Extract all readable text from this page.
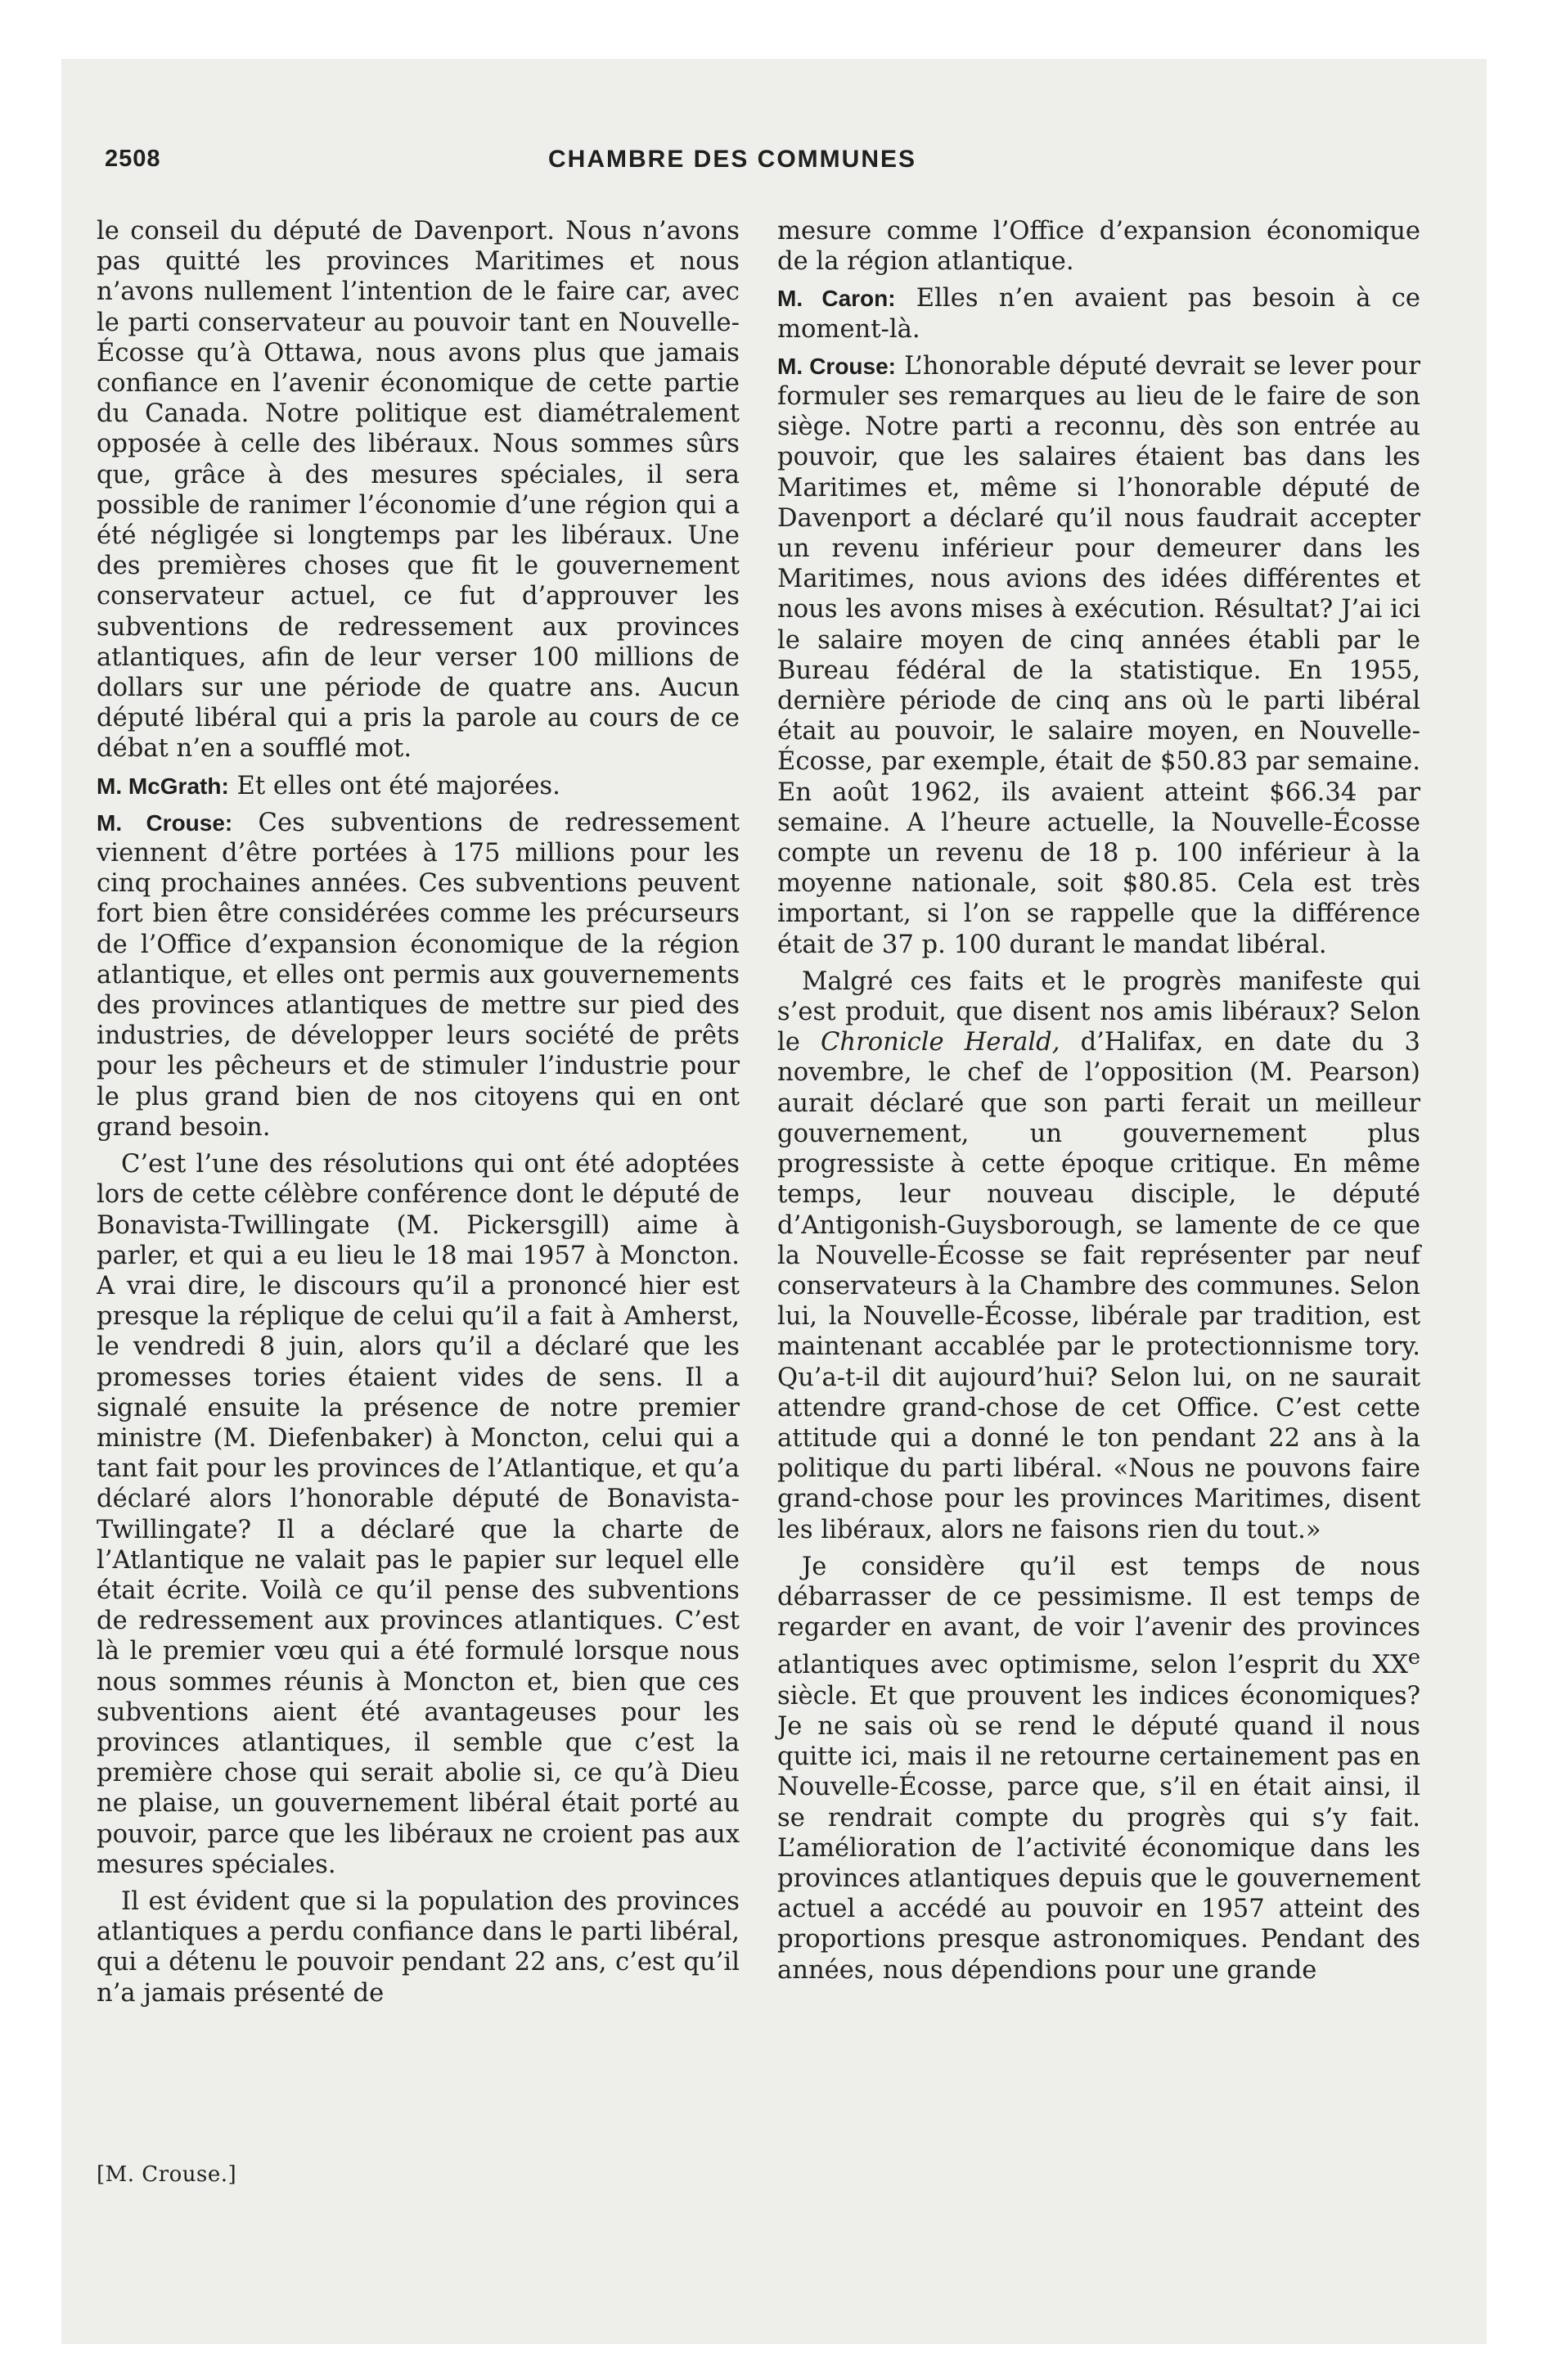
2508	CHAMBRE DES COMMUNES

le conseil du député de Davenport. Nous n’avons pas quitté les provinces Maritimes et nous n’avons nullement l’intention de le faire car, avec le parti conservateur au pouvoir tant en Nouvelle-Écosse qu’à Ottawa, nous avons plus que jamais confiance en l’avenir économique de cette partie du Canada. Notre politique est diamétralement opposée à celle des libéraux. Nous sommes sûrs que, grâce à des mesures spéciales, il sera possible de ranimer l’économie d’une région qui a été négligée si longtemps par les libéraux. Une des premières choses que fit le gouvernement conservateur actuel, ce fut d’approuver les subventions de redressement aux provinces atlantiques, afin de leur verser 100 millions de dollars sur une période de quatre ans. Aucun député libéral qui a pris la parole au cours de ce débat n’en a soufflé mot.

M. McGrath: Et elles ont été majorées.

M. Crouse: Ces subventions de redressement viennent d’être portées à 175 millions pour les cinq prochaines années. Ces subventions peuvent fort bien être considérées comme les précurseurs de l’Office d’expansion économique de la région atlantique, et elles ont permis aux gouvernements des provinces atlantiques de mettre sur pied des industries, de développer leurs société de prêts pour les pêcheurs et de stimuler l’industrie pour le plus grand bien de nos citoyens qui en ont grand besoin.

C’est l’une des résolutions qui ont été adoptées lors de cette célèbre conférence dont le député de Bonavista-Twillingate (M. Pickersgill) aime à parler, et qui a eu lieu le 18 mai 1957 à Moncton. A vrai dire, le discours qu’il a prononcé hier est presque la réplique de celui qu’il a fait à Amherst, le vendredi 8 juin, alors qu’il a déclaré que les promesses tories étaient vides de sens. Il a signalé ensuite la présence de notre premier ministre (M. Diefenbaker) à Moncton, celui qui a tant fait pour les provinces de l’Atlantique, et qu’a déclaré alors l’honorable député de Bonavista-Twillingate? Il a déclaré que la charte de l’Atlantique ne valait pas le papier sur lequel elle était écrite. Voilà ce qu’il pense des subventions de redressement aux provinces atlantiques. C’est là le premier vœu qui a été formulé lorsque nous nous sommes réunis à Moncton et, bien que ces subventions aient été avantageuses pour les provinces atlantiques, il semble que c’est la première chose qui serait abolie si, ce qu’à Dieu ne plaise, un gouvernement libéral était porté au pouvoir, parce que les libéraux ne croient pas aux mesures spéciales.

Il est évident que si la population des provinces atlantiques a perdu confiance dans le parti libéral, qui a détenu le pouvoir pendant 22 ans, c’est qu’il n’a jamais présenté de

mesure comme l’Office d’expansion économique de la région atlantique.

M. Caron: Elles n’en avaient pas besoin à ce moment-là.

M. Crouse: L’honorable député devrait se lever pour formuler ses remarques au lieu de le faire de son siège. Notre parti a reconnu, dès son entrée au pouvoir, que les salaires étaient bas dans les Maritimes et, même si l’honorable député de Davenport a déclaré qu’il nous faudrait accepter un revenu inférieur pour demeurer dans les Maritimes, nous avions des idées différentes et nous les avons mises à exécution. Résultat? J’ai ici le salaire moyen de cinq années établi par le Bureau fédéral de la statistique. En 1955, dernière période de cinq ans où le parti libéral était au pouvoir, le salaire moyen, en Nouvelle-Écosse, par exemple, était de $50.83 par semaine. En août 1962, ils avaient atteint $66.34 par semaine. A l’heure actuelle, la Nouvelle-Écosse compte un revenu de 18 p. 100 inférieur à la moyenne nationale, soit $80.85. Cela est très important, si l’on se rappelle que la différence était de 37 p. 100 durant le mandat libéral.

Malgré ces faits et le progrès manifeste qui s’est produit, que disent nos amis libéraux? Selon le Chronicle Herald, d’Halifax, en date du 3 novembre, le chef de l’opposition (M. Pearson) aurait déclaré que son parti ferait un meilleur gouvernement, un gouvernement plus progressiste à cette époque critique. En même temps, leur nouveau disciple, le député d’Antigonish-Guysborough, se lamente de ce que la Nouvelle-Écosse se fait représenter par neuf conservateurs à la Chambre des communes. Selon lui, la Nouvelle-Écosse, libérale par tradition, est maintenant accablée par le protectionnisme tory. Qu’a-t-il dit aujourd’hui? Selon lui, on ne saurait attendre grand-chose de cet Office. C’est cette attitude qui a donné le ton pendant 22 ans à la politique du parti libéral. «Nous ne pouvons faire grand-chose pour les provinces Maritimes, disent les libéraux, alors ne faisons rien du tout.»

Je considère qu’il est temps de nous débarrasser de ce pessimisme. Il est temps de regarder en avant, de voir l’avenir des provinces atlantiques avec optimisme, selon l’esprit du XXe siècle. Et que prouvent les indices économiques? Je ne sais où se rend le député quand il nous quitte ici, mais il ne retourne certainement pas en Nouvelle-Écosse, parce que, s’il en était ainsi, il se rendrait compte du progrès qui s’y fait. L’amélioration de l’activité économique dans les provinces atlantiques depuis que le gouvernement actuel a accédé au pouvoir en 1957 atteint des proportions presque astronomiques. Pendant des années, nous dépendions pour une grande

[M. Crouse.]
